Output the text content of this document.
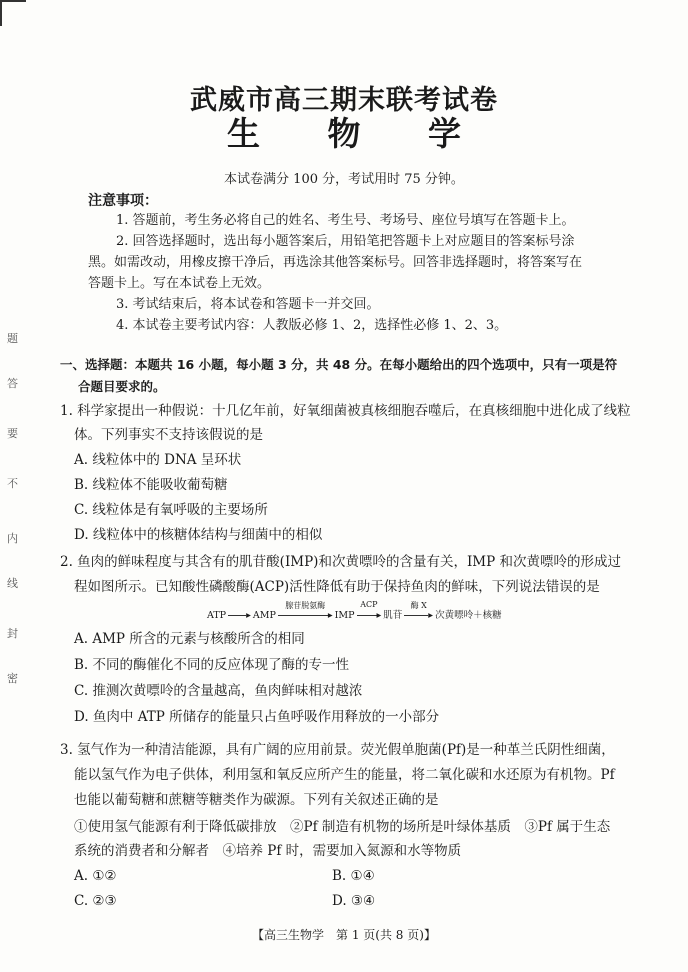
武威市高三期末联考试卷
生 物 学
本试卷满分 100 分，考试用时 75 分钟。
注意事项：
1. 答题前，考生务必将自己的姓名、考生号、考场号、座位号填写在答题卡上。
2. 回答选择题时，选出每小题答案后，用铅笔把答题卡上对应题目的答案标号涂
黑。如需改动，用橡皮擦干净后，再选涂其他答案标号。回答非选择题时，将答案写在
答题卡上。写在本试卷上无效。
3. 考试结束后，将本试卷和答题卡一并交回。
4. 本试卷主要考试内容：人教版必修 1、2，选择性必修 1、2、3。
题
答
要
不
内
线
封
密
一、选择题：本题共 16 小题，每小题 3 分，共 48 分。在每小题给出的四个选项中，只有一项是符
合题目要求的。
1. 科学家提出一种假说：十几亿年前，好氧细菌被真核细胞吞噬后，在真核细胞中进化成了线粒
体。下列事实不支持该假说的是
A. 线粒体中的 DNA 呈环状
B. 线粒体不能吸收葡萄糖
C. 线粒体是有氧呼吸的主要场所
D. 线粒体中的核糖体结构与细菌中的相似
2. 鱼肉的鲜味程度与其含有的肌苷酸(IMP)和次黄嘌呤的含量有关，IMP 和次黄嘌呤的形成过
程如图所示。已知酸性磷酸酶(ACP)活性降低有助于保持鱼肉的鲜味，下列说法错误的是
ATP ▸ AMP
腺苷脱氨酶
▸ IMP
ACP
▸ 肌苷
酶 X
▸ 次黄嘌呤＋核糖
A. AMP 所含的元素与核酸所含的相同
B. 不同的酶催化不同的反应体现了酶的专一性
C. 推测次黄嘌呤的含量越高，鱼肉鲜味相对越浓
D. 鱼肉中 ATP 所储存的能量只占鱼呼吸作用释放的一小部分
3. 氢气作为一种清洁能源，具有广阔的应用前景。荧光假单胞菌(Pf)是一种革兰氏阴性细菌，
能以氢气作为电子供体，利用氢和氧反应所产生的能量，将二氧化碳和水还原为有机物。Pf
也能以葡萄糖和蔗糖等糖类作为碳源。下列有关叙述正确的是
①使用氢气能源有利于降低碳排放　②Pf 制造有机物的场所是叶绿体基质　③Pf 属于生态
系统的消费者和分解者　④培养 Pf 时，需要加入氮源和水等物质
A. ①②	B. ①④
C. ②③	D. ③④
【高三生物学　第 1 页(共 8 页)】
